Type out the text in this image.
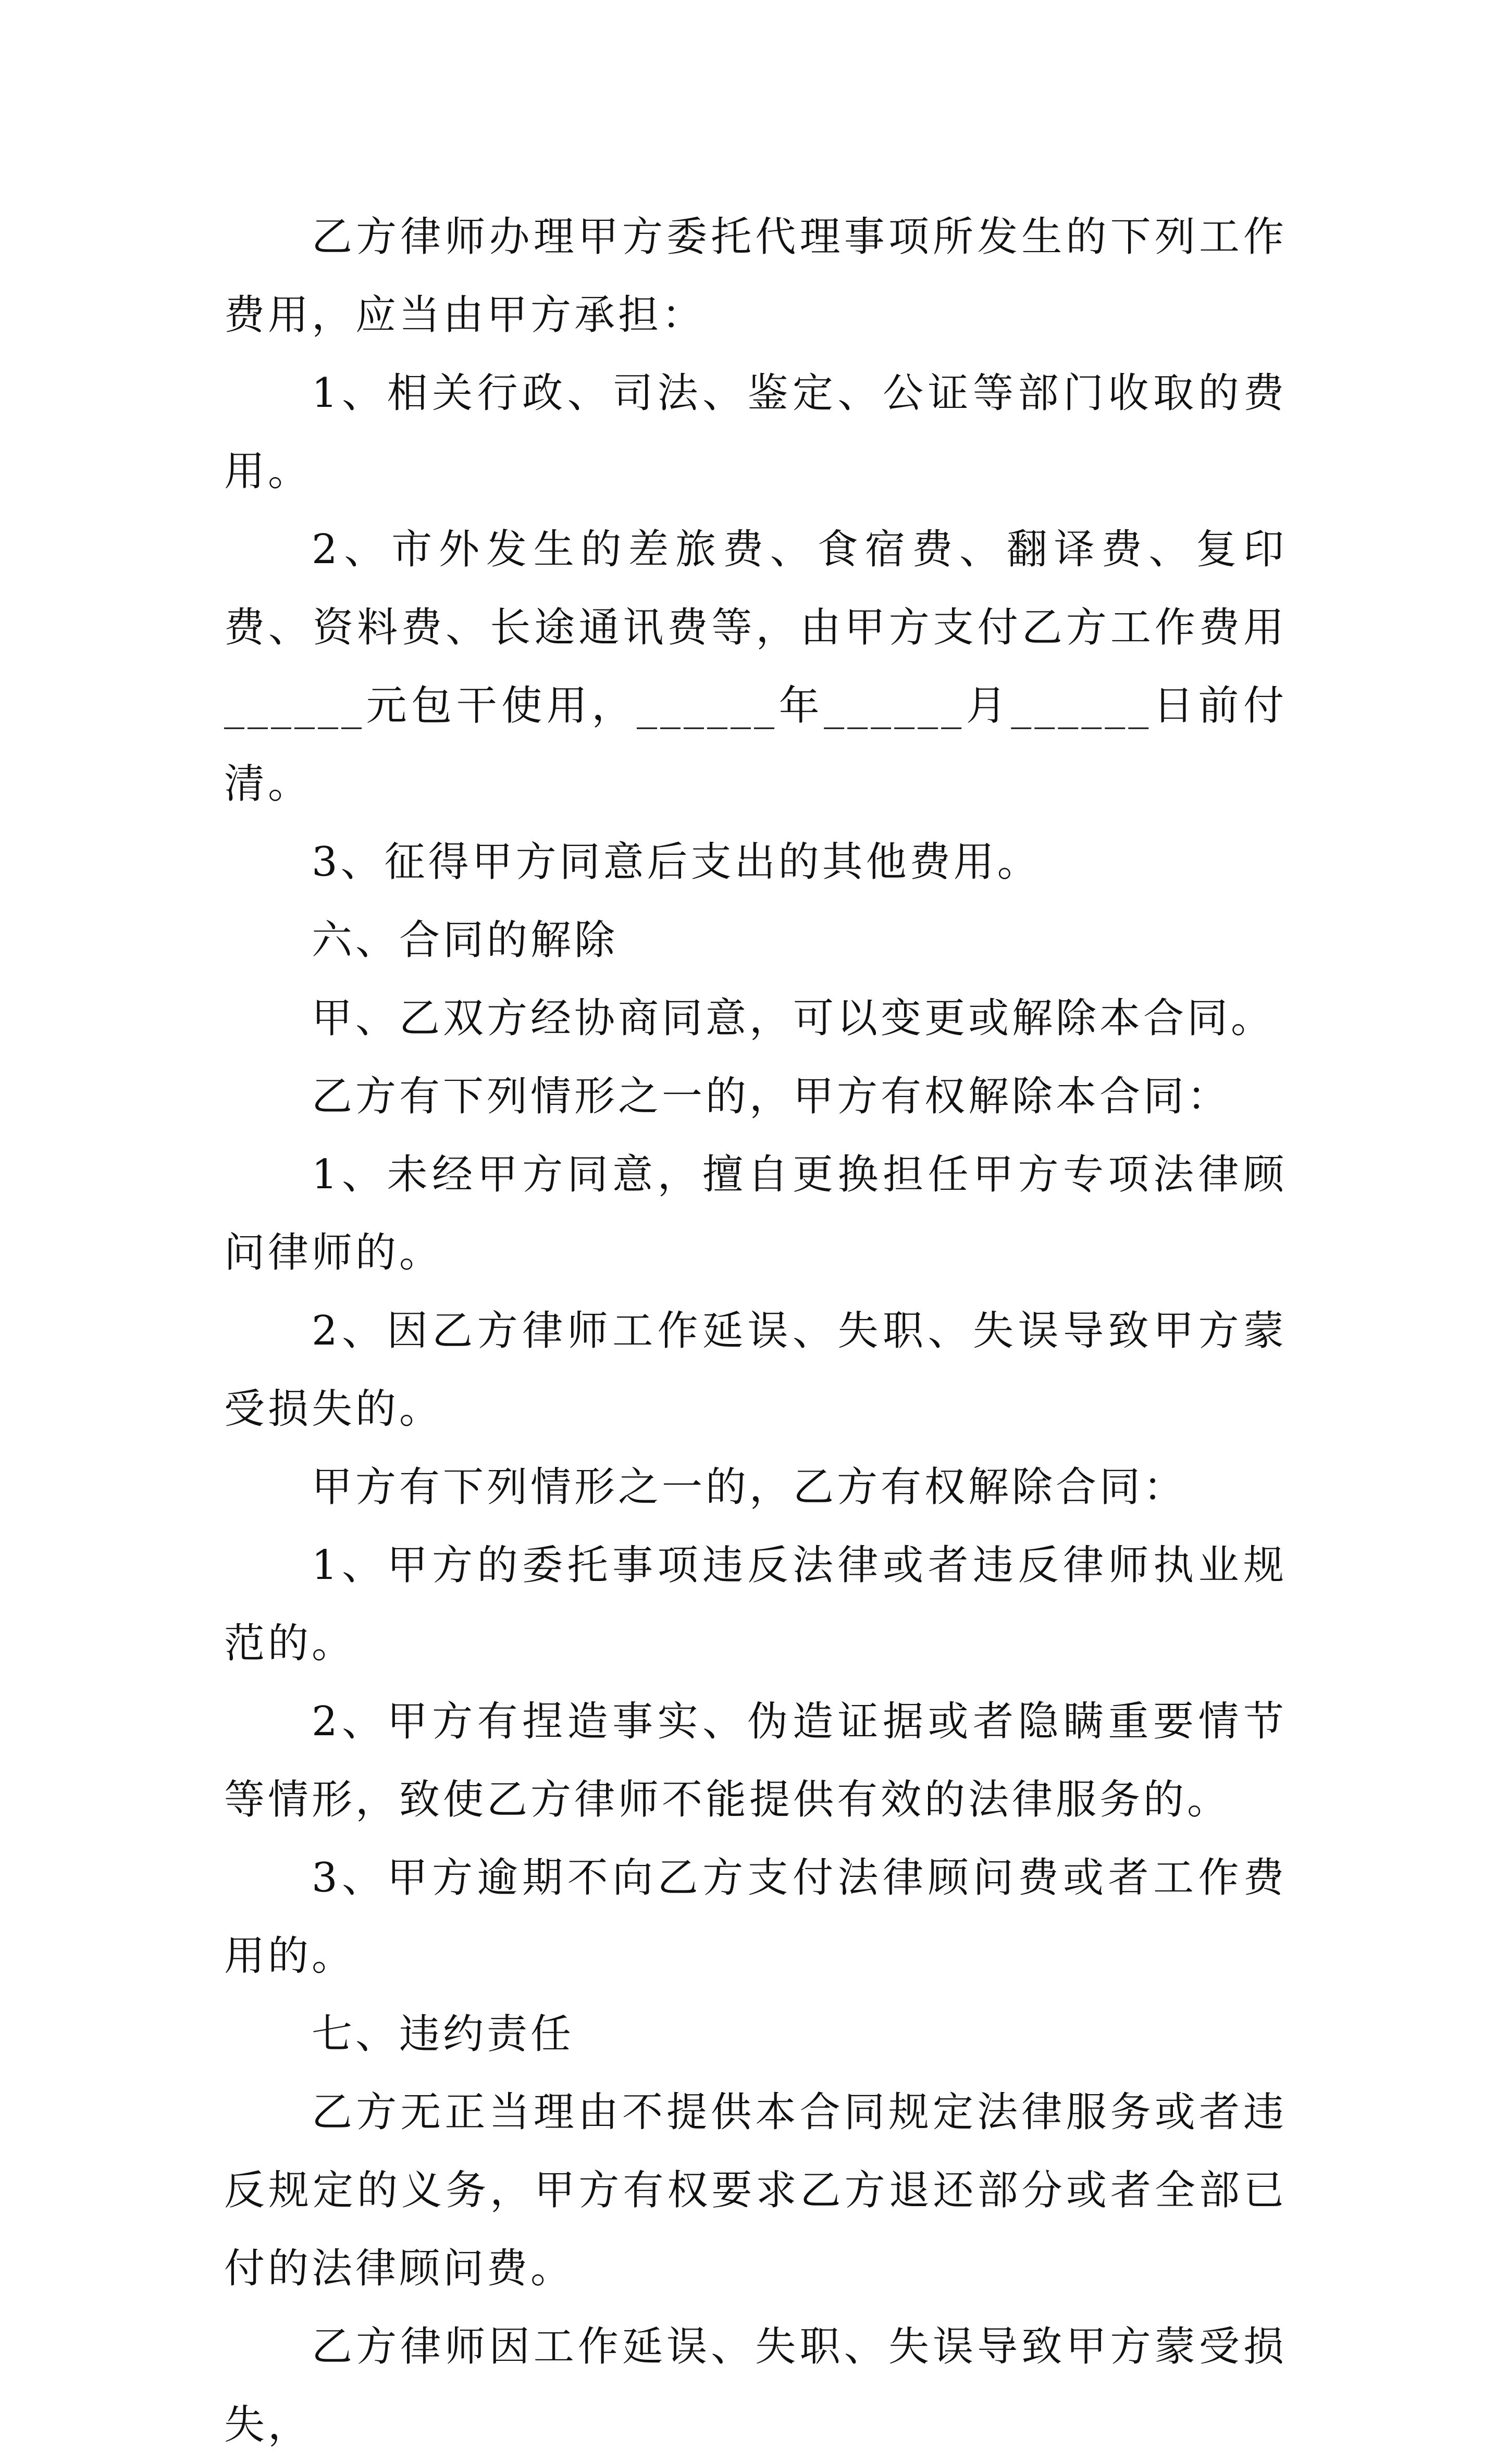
乙方律师办理甲方委托代理事项所发生的下列工作费用，应当由甲方承担：

1、相关行政、司法、鉴定、公证等部门收取的费用。

2、市外发生的差旅费、食宿费、翻译费、复印费、资料费、长途通讯费等，由甲方支付乙方工作费用______元包干使用，______年______月______日前付清。

3、征得甲方同意后支出的其他费用。

六、合同的解除

甲、乙双方经协商同意，可以变更或解除本合同。

乙方有下列情形之一的，甲方有权解除本合同：

1、未经甲方同意，擅自更换担任甲方专项法律顾问律师的。

2、因乙方律师工作延误、失职、失误导致甲方蒙受损失的。

甲方有下列情形之一的，乙方有权解除合同：

1、甲方的委托事项违反法律或者违反律师执业规范的。

2、甲方有捏造事实、伪造证据或者隐瞒重要情节等情形，致使乙方律师不能提供有效的法律服务的。

3、甲方逾期不向乙方支付法律顾问费或者工作费用的。

七、违约责任

乙方无正当理由不提供本合同规定法律服务或者违反规定的义务，甲方有权要求乙方退还部分或者全部已付的法律顾问费。

乙方律师因工作延误、失职、失误导致甲方蒙受损失，
